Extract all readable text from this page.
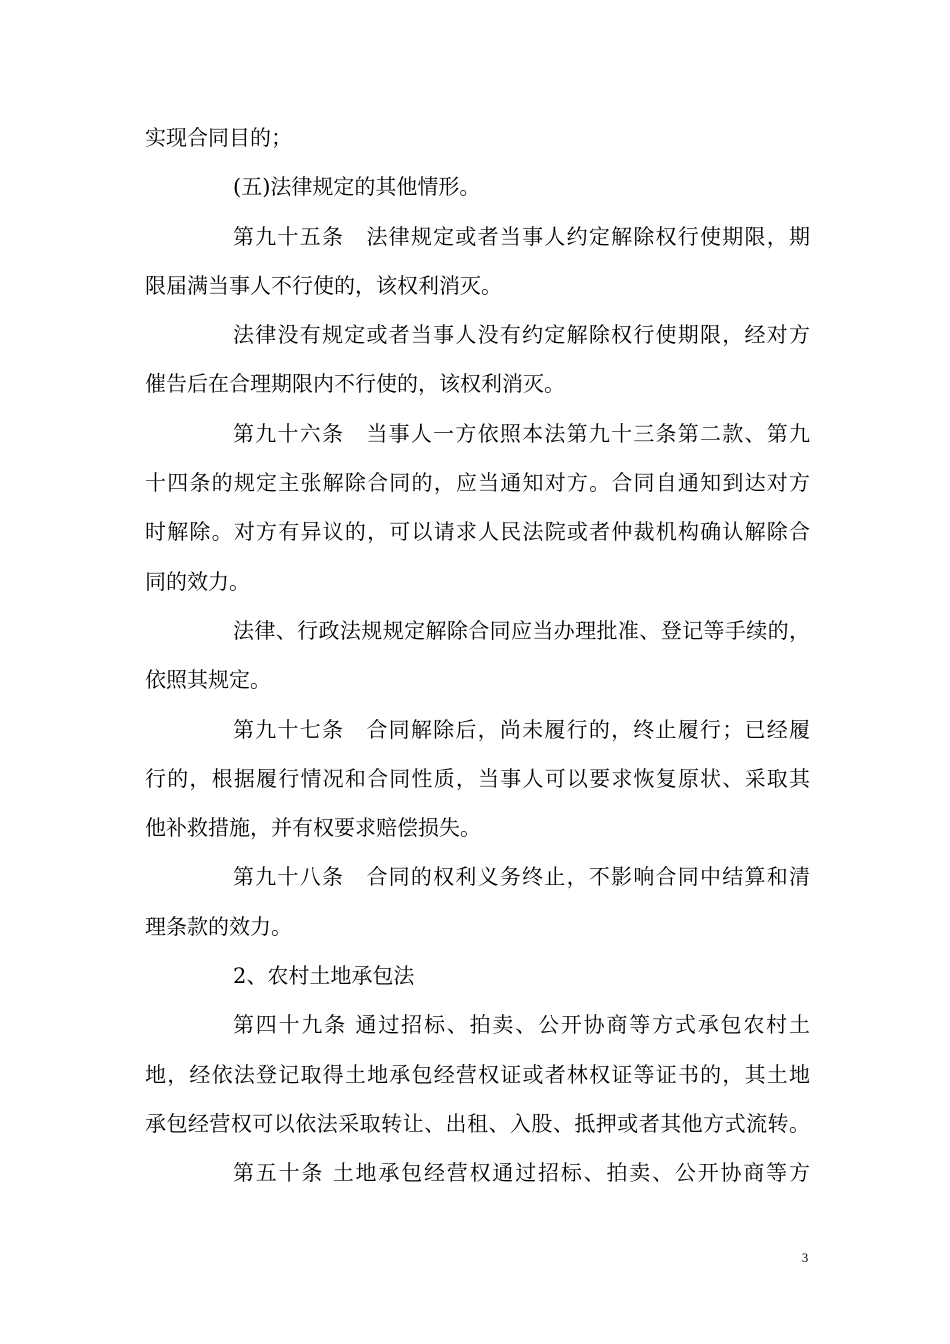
实现合同目的；
(五)法律规定的其他情形。
第九十五条　法律规定或者当事人约定解除权行使期限，期
限届满当事人不行使的，该权利消灭。
法律没有规定或者当事人没有约定解除权行使期限，经对方
催告后在合理期限内不行使的，该权利消灭。
第九十六条　当事人一方依照本法第九十三条第二款、第九
十四条的规定主张解除合同的，应当通知对方。合同自通知到达对方
时解除。对方有异议的，可以请求人民法院或者仲裁机构确认解除合
同的效力。
法律、行政法规规定解除合同应当办理批准、登记等手续的，
依照其规定。
第九十七条　合同解除后，尚未履行的，终止履行；已经履
行的，根据履行情况和合同性质，当事人可以要求恢复原状、采取其
他补救措施，并有权要求赔偿损失。
第九十八条　合同的权利义务终止，不影响合同中结算和清
理条款的效力。
2、农村土地承包法
第四十九条 通过招标、拍卖、公开协商等方式承包农村土
地，经依法登记取得土地承包经营权证或者林权证等证书的，其土地
承包经营权可以依法采取转让、出租、入股、抵押或者其他方式流转。
第五十条 土地承包经营权通过招标、拍卖、公开协商等方
3
